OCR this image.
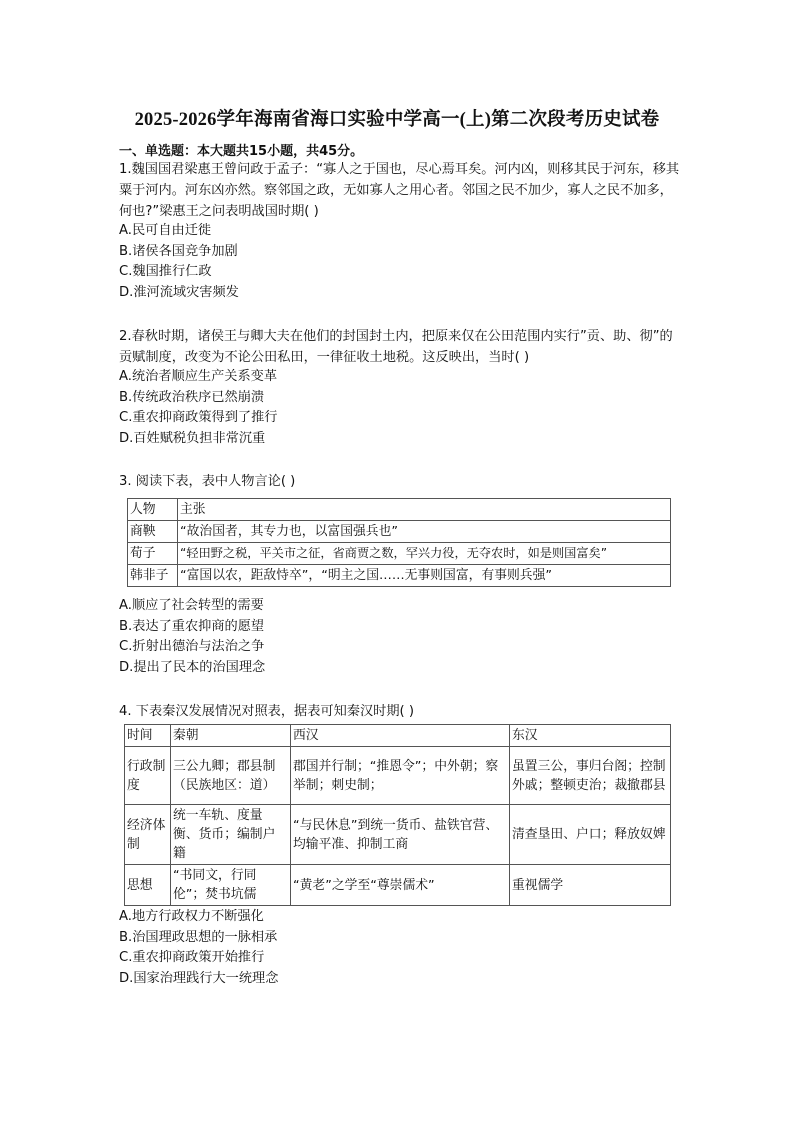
2025-2026学年海南省海口实验中学高一(上)第二次段考历史试卷
一、单选题：本大题共15小题，共45分。
1.魏国国君梁惠王曾问政于孟子：“寡人之于国也，尽心焉耳矣。河内凶，则移其民于河东，移其粟于河内。河东凶亦然。察邻国之政，无如寡人之用心者。邻国之民不加少，寡人之民不加多，何也?”梁惠王之问表明战国时期( )
A.民可自由迁徙
B.诸侯各国竞争加剧
C.魏国推行仁政
D.淮河流域灾害频发
2.春秋时期，诸侯王与卿大夫在他们的封国封土内，把原来仅在公田范围内实行”贡、助、彻”的贡赋制度，改变为不论公田私田，一律征收土地税。这反映出，当时( )
A.统治者顺应生产关系变革
B.传统政治秩序已然崩溃
C.重农抑商政策得到了推行
D.百姓赋税负担非常沉重
3. 阅读下表，表中人物言论( )
人物	主张
商鞅	“故治国者，其专力也，以富国强兵也”
荀子	“轻田野之税，平关市之征，省商贾之数，罕兴力役，无夺农时，如是则国富矣”
韩非子	“富国以农，距敌恃卒”，“明主之国……无事则国富，有事则兵强”
A.顺应了社会转型的需要
B.表达了重农抑商的愿望
C.折射出德治与法治之争
D.提出了民本的治国理念
4. 下表秦汉发展情况对照表，据表可知秦汉时期( )
时间	秦朝	西汉	东汉
行政制度	三公九卿；郡县制（民族地区：道）	郡国并行制；“推恩令”；中外朝；察举制；刺史制；	虽置三公，事归台阁；控制外戚；整顿吏治；裁撤郡县
经济体制	统一车轨、度量衡、货币；编制户籍	“与民休息”到统一货币、盐铁官营、均输平准、抑制工商	清查垦田、户口；释放奴婢
思想	“书同文，行同伦”；焚书坑儒	“黄老”之学至“尊崇儒术”	重视儒学
A.地方行政权力不断强化
B.治国理政思想的一脉相承
C.重农抑商政策开始推行
D.国家治理践行大一统理念
